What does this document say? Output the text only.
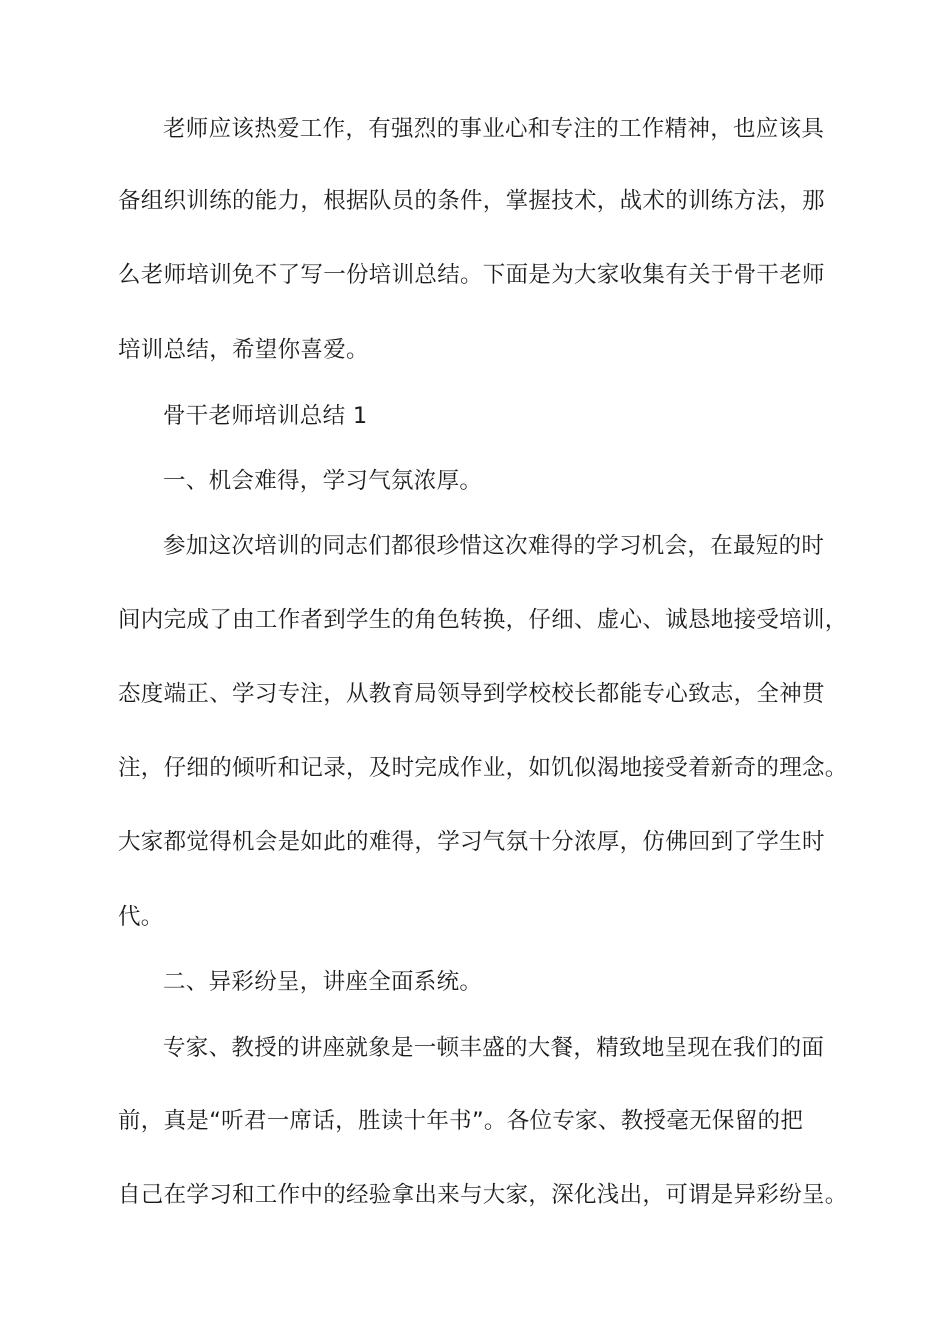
老师应该热爱工作，有强烈的事业心和专注的工作精神，也应该具
备组织训练的能力，根据队员的条件，掌握技术，战术的训练方法，那
么老师培训免不了写一份培训总结。下面是为大家收集有关于骨干老师
培训总结，希望你喜爱。
骨干老师培训总结 1
一、机会难得，学习气氛浓厚。
参加这次培训的同志们都很珍惜这次难得的学习机会，在最短的时
间内完成了由工作者到学生的角色转换，仔细、虚心、诚恳地接受培训，
态度端正、学习专注，从教育局领导到学校校长都能专心致志，全神贯
注，仔细的倾听和记录，及时完成作业，如饥似渴地接受着新奇的理念。
大家都觉得机会是如此的难得，学习气氛十分浓厚，仿佛回到了学生时
代。
二、异彩纷呈，讲座全面系统。
专家、教授的讲座就象是一顿丰盛的大餐，精致地呈现在我们的面
前，真是“听君一席话，胜读十年书”。各位专家、教授毫无保留的把
自己在学习和工作中的经验拿出来与大家，深化浅出，可谓是异彩纷呈。
